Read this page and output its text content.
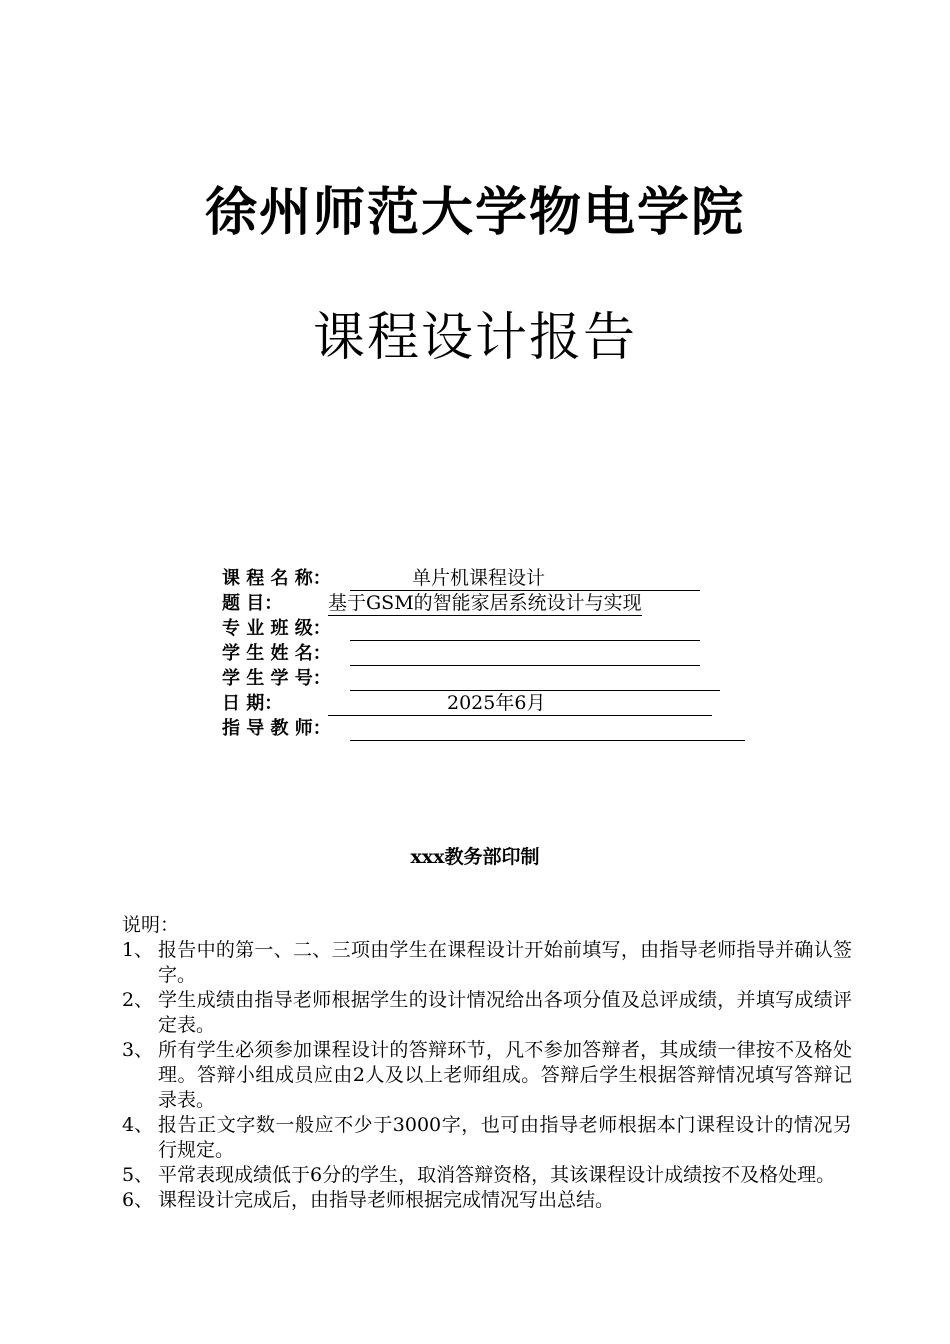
徐州师范大学物电学院
课程设计报告
课 程 名 称：	单片机课程设计
题 目： 基于GSM的智能家居系统设计与实现
专 业 班 级：
学 生 姓 名：
学 生 学 号：
日 期：	2025年6月
指 导 教 师：
xxx教务部印制
说明：
1、 报告中的第一、二、三项由学生在课程设计开始前填写，由指导老师指导并确认签字。
2、 学生成绩由指导老师根据学生的设计情况给出各项分值及总评成绩，并填写成绩评定表。
3、 所有学生必须参加课程设计的答辩环节，凡不参加答辩者，其成绩一律按不及格处理。答辩小组成员应由2人及以上老师组成。答辩后学生根据答辩情况填写答辩记录表。
4、 报告正文字数一般应不少于3000字，也可由指导老师根据本门课程设计的情况另行规定。
5、 平常表现成绩低于6分的学生，取消答辩资格，其该课程设计成绩按不及格处理。
6、 课程设计完成后，由指导老师根据完成情况写出总结。
